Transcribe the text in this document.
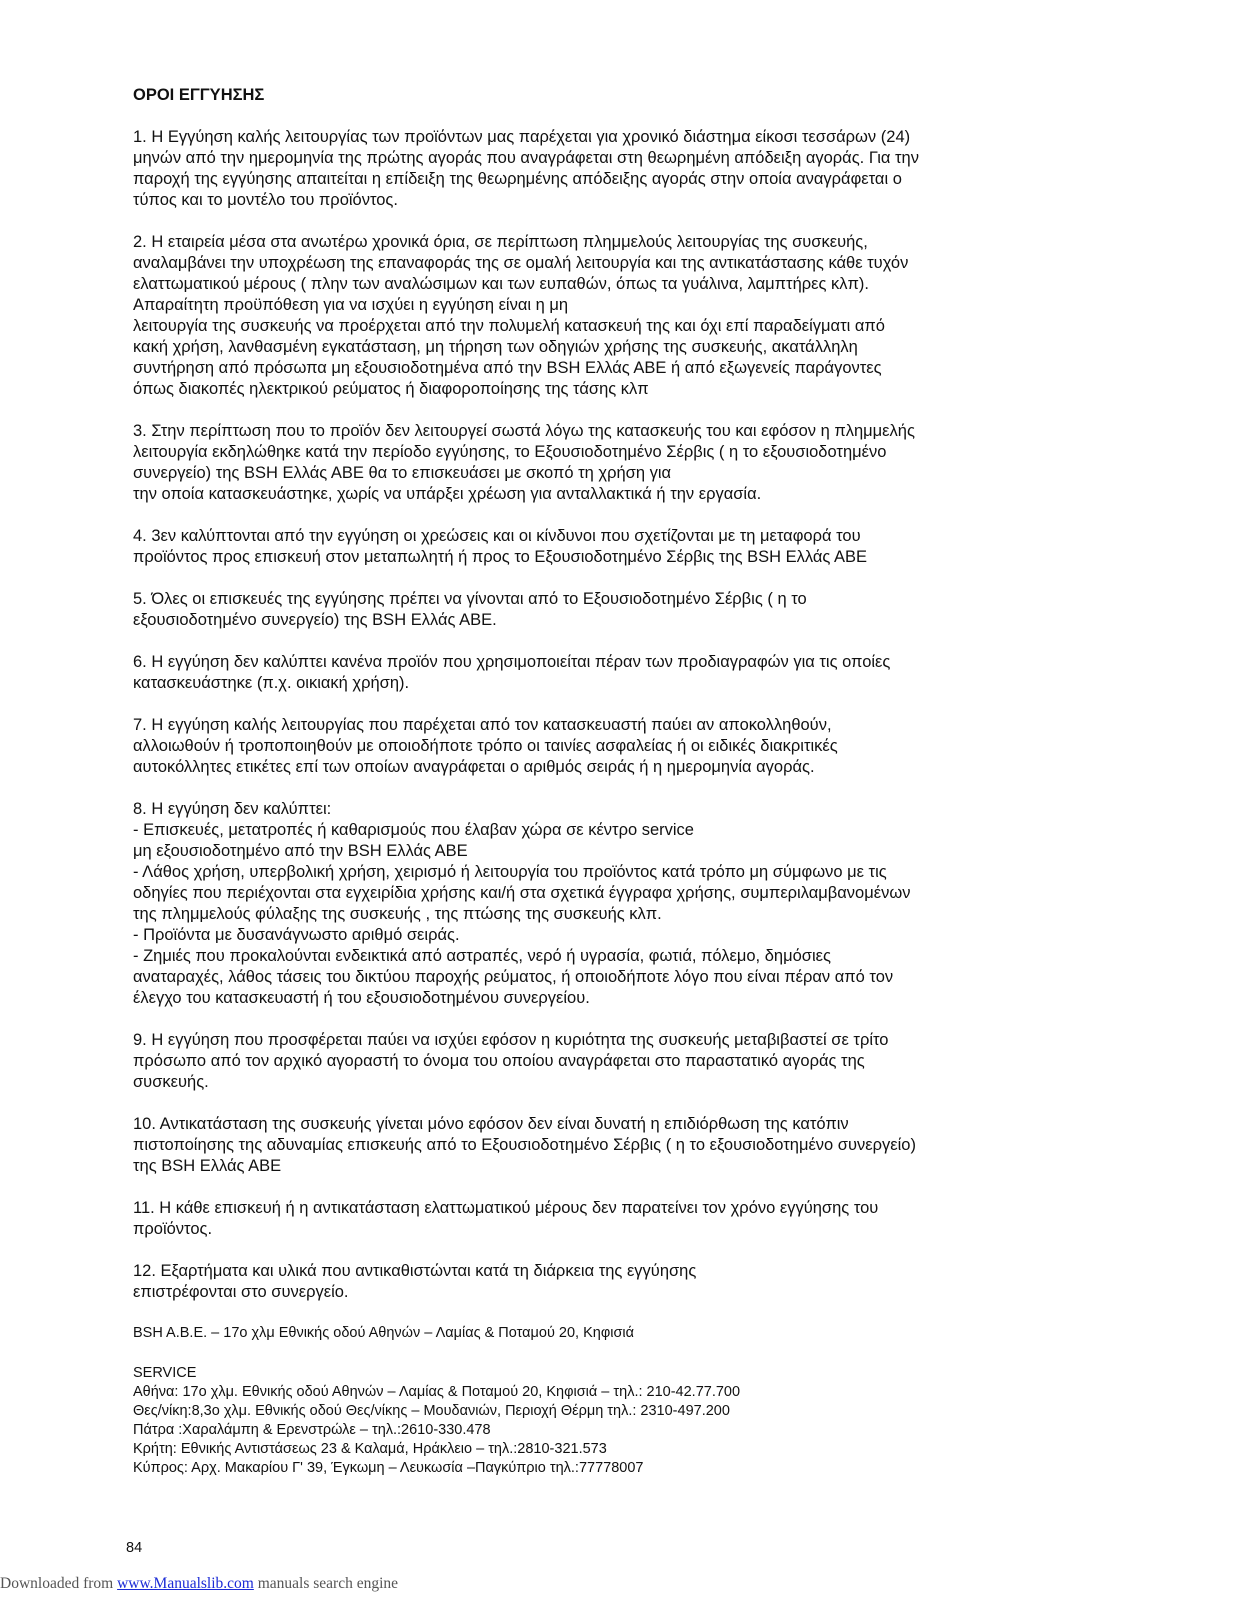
ΟΡΟΙ ΕΓΓΥΗΣΗΣ
1. Η Εγγύηση καλής λειτουργίας των προϊόντων μας παρέχεται για χρονικό διάστημα είκοσι τεσσάρων (24)
μηνών από την ημερομηνία της πρώτης αγοράς που αναγράφεται στη θεωρημένη απόδειξη αγοράς. Για την
παροχή της εγγύησης απαιτείται η επίδειξη της θεωρημένης απόδειξης αγοράς στην οποία αναγράφεται ο
τύπος και το μοντέλο του προϊόντος.
2. Η εταιρεία μέσα στα ανωτέρω χρονικά όρια, σε περίπτωση πλημμελούς λειτουργίας της συσκευής,
αναλαμβάνει την υποχρέωση της επαναφοράς της σε ομαλή λειτουργία και της αντικατάστασης κάθε τυχόν
ελαττωματικού μέρους ( πλην των αναλώσιμων και των ευπαθών, όπως τα γυάλινα, λαμπτήρες κλπ).
Απαραίτητη προϋπόθεση για να ισχύει η εγγύηση είναι η μη
λειτουργία της συσκευής να προέρχεται από την πολυμελή κατασκευή της και όχι επί παραδείγματι από
κακή χρήση, λανθασμένη εγκατάσταση, μη τήρηση των οδηγιών χρήσης της συσκευής, ακατάλληλη
συντήρηση από πρόσωπα μη εξουσιοδοτημένα από την BSH Ελλάς ΑΒΕ ή από εξωγενείς παράγοντες
όπως διακοπές ηλεκτρικού ρεύματος ή διαφοροποίησης της τάσης κλπ
3. Στην περίπτωση που το προϊόν δεν λειτουργεί σωστά λόγω της κατασκευής του και εφόσον η πλημμελής
λειτουργία εκδηλώθηκε κατά την περίοδο εγγύησης, το Εξουσιοδοτημένο Σέρβις ( η το εξουσιοδοτημένο
συνεργείο) της BSH Ελλάς ΑΒΕ θα το επισκευάσει με σκοπό τη χρήση για
την οποία κατασκευάστηκε, χωρίς να υπάρξει χρέωση για ανταλλακτικά ή την εργασία.
4. 3εν καλύπτονται από την εγγύηση οι χρεώσεις και οι κίνδυνοι που σχετίζονται με τη μεταφορά του
προϊόντος προς επισκευή στον μεταπωλητή ή προς το Εξουσιοδοτημένο Σέρβις της BSH Ελλάς ΑΒΕ
5. Όλες οι επισκευές της εγγύησης πρέπει να γίνονται από το Εξουσιοδοτημένο Σέρβις ( η το
εξουσιοδοτημένο συνεργείο) της BSH Ελλάς ΑΒΕ.
6. Η εγγύηση δεν καλύπτει κανένα προϊόν που χρησιμοποιείται πέραν των προδιαγραφών για τις οποίες
κατασκευάστηκε (π.χ. οικιακή χρήση).
7. Η εγγύηση καλής λειτουργίας που παρέχεται από τον κατασκευαστή παύει αν αποκολληθούν,
αλλοιωθούν ή τροποποιηθούν με οποιοδήποτε τρόπο οι ταινίες ασφαλείας ή οι ειδικές διακριτικές
αυτοκόλλητες ετικέτες επί των οποίων αναγράφεται ο αριθμός σειράς ή η ημερομηνία αγοράς.
8. Η εγγύηση δεν καλύπτει:
- Επισκευές, μετατροπές ή καθαρισμούς που έλαβαν χώρα σε κέντρο service
μη εξουσιοδοτημένο από την BSH Ελλάς ΑΒΕ
- Λάθος χρήση, υπερβολική χρήση, χειρισμό ή λειτουργία του προϊόντος κατά τρόπο μη σύμφωνο με τις
οδηγίες που περιέχονται στα εγχειρίδια χρήσης και/ή στα σχετικά έγγραφα χρήσης, συμπεριλαμβανομένων
της πλημμελούς φύλαξης της συσκευής , της πτώσης της συσκευής κλπ.
- Προϊόντα με δυσανάγνωστο αριθμό σειράς.
- Ζημιές που προκαλούνται ενδεικτικά από αστραπές, νερό ή υγρασία, φωτιά, πόλεμο, δημόσιες
αναταραχές, λάθος τάσεις του δικτύου παροχής ρεύματος, ή οποιοδήποτε λόγο που είναι πέραν από τον
έλεγχο του κατασκευαστή ή του εξουσιοδοτημένου συνεργείου.
9. Η εγγύηση που προσφέρεται παύει να ισχύει εφόσον η κυριότητα της συσκευής μεταβιβαστεί σε τρίτο
πρόσωπο από τον αρχικό αγοραστή το όνομα του οποίου αναγράφεται στο παραστατικό αγοράς της
συσκευής.
10. Αντικατάσταση της συσκευής γίνεται μόνο εφόσον δεν είναι δυνατή η επιδιόρθωση της κατόπιν
πιστοποίησης της αδυναμίας επισκευής από το Εξουσιοδοτημένο Σέρβις ( η το εξουσιοδοτημένο συνεργείο)
της BSH Ελλάς ΑΒΕ
11. Η κάθε επισκευή ή η αντικατάσταση ελαττωματικού μέρους δεν παρατείνει τον χρόνο εγγύησης του
προϊόντος.
12. Εξαρτήματα και υλικά που αντικαθιστώνται κατά τη διάρκεια της εγγύησης
επιστρέφονται στο συνεργείο.
BSH A.B.E. – 17ο χλμ Εθνικής οδού Αθηνών – Λαμίας & Ποταμού 20, Κηφισιά
SERVICE
Αθήνα: 17ο χλμ. Εθνικής οδού Αθηνών – Λαμίας & Ποταμού 20, Κηφισιά – τηλ.: 210-42.77.700
Θες/νίκη:8,3ο χλμ. Εθνικής οδού Θες/νίκης – Μουδανιών, Περιοχή Θέρμη τηλ.: 2310-497.200
Πάτρα :Χαραλάμπη & Ερενστρώλε – τηλ.:2610-330.478
Κρήτη: Εθνικής Αντιστάσεως 23 & Καλαμά, Ηράκλειο – τηλ.:2810-321.573
Κύπρος: Αρχ. Μακαρίου Γ' 39, Έγκωμη – Λευκωσία –Παγκύπριο τηλ.:77778007
84
Downloaded from www.Manualslib.com manuals search engine
